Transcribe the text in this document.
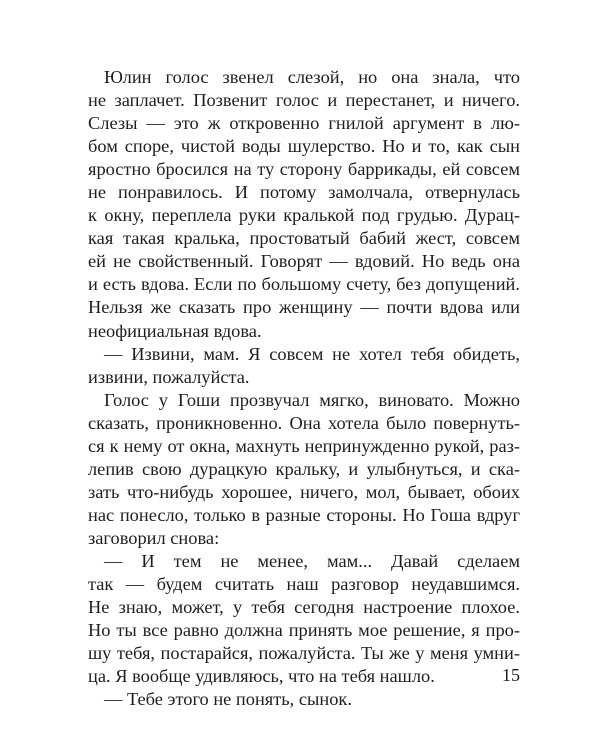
Юлин голос звенел слезой, но она знала, что
не заплачет. Позвенит голос и перестанет, и ничего.
Слезы — это ж откровенно гнилой аргумент в лю-
бом споре, чистой воды шулерство. Но и то, как сын
яростно бросился на ту сторону баррикады, ей совсем
не понравилось. И потому замолчала, отвернулась
к окну, переплела руки кралькой под грудью. Дурац-
кая такая кралька, простоватый бабий жест, совсем
ей не свойственный. Говорят — вдовий. Но ведь она
и есть вдова. Если по большому счету, без допущений.
Нельзя же сказать про женщину — почти вдова или
неофициальная вдова.
— Извини, мам. Я совсем не хотел тебя обидеть,
извини, пожалуйста.
Голос у Гоши прозвучал мягко, виновато. Можно
сказать, проникновенно. Она хотела было повернуть-
ся к нему от окна, махнуть непринужденно рукой, раз-
лепив свою дурацкую кральку, и улыбнуться, и ска-
зать что-нибудь хорошее, ничего, мол, бывает, обоих
нас понесло, только в разные стороны. Но Гоша вдруг
заговорил снова:
— И тем не менее, мам... Давай сделаем
так — будем считать наш разговор неудавшимся.
Не знаю, может, у тебя сегодня настроение плохое.
Но ты все равно должна принять мое решение, я про-
шу тебя, постарайся, пожалуйста. Ты же у меня умни-
ца. Я вообще удивляюсь, что на тебя нашло.
— Тебе этого не понять, сынок.
15
